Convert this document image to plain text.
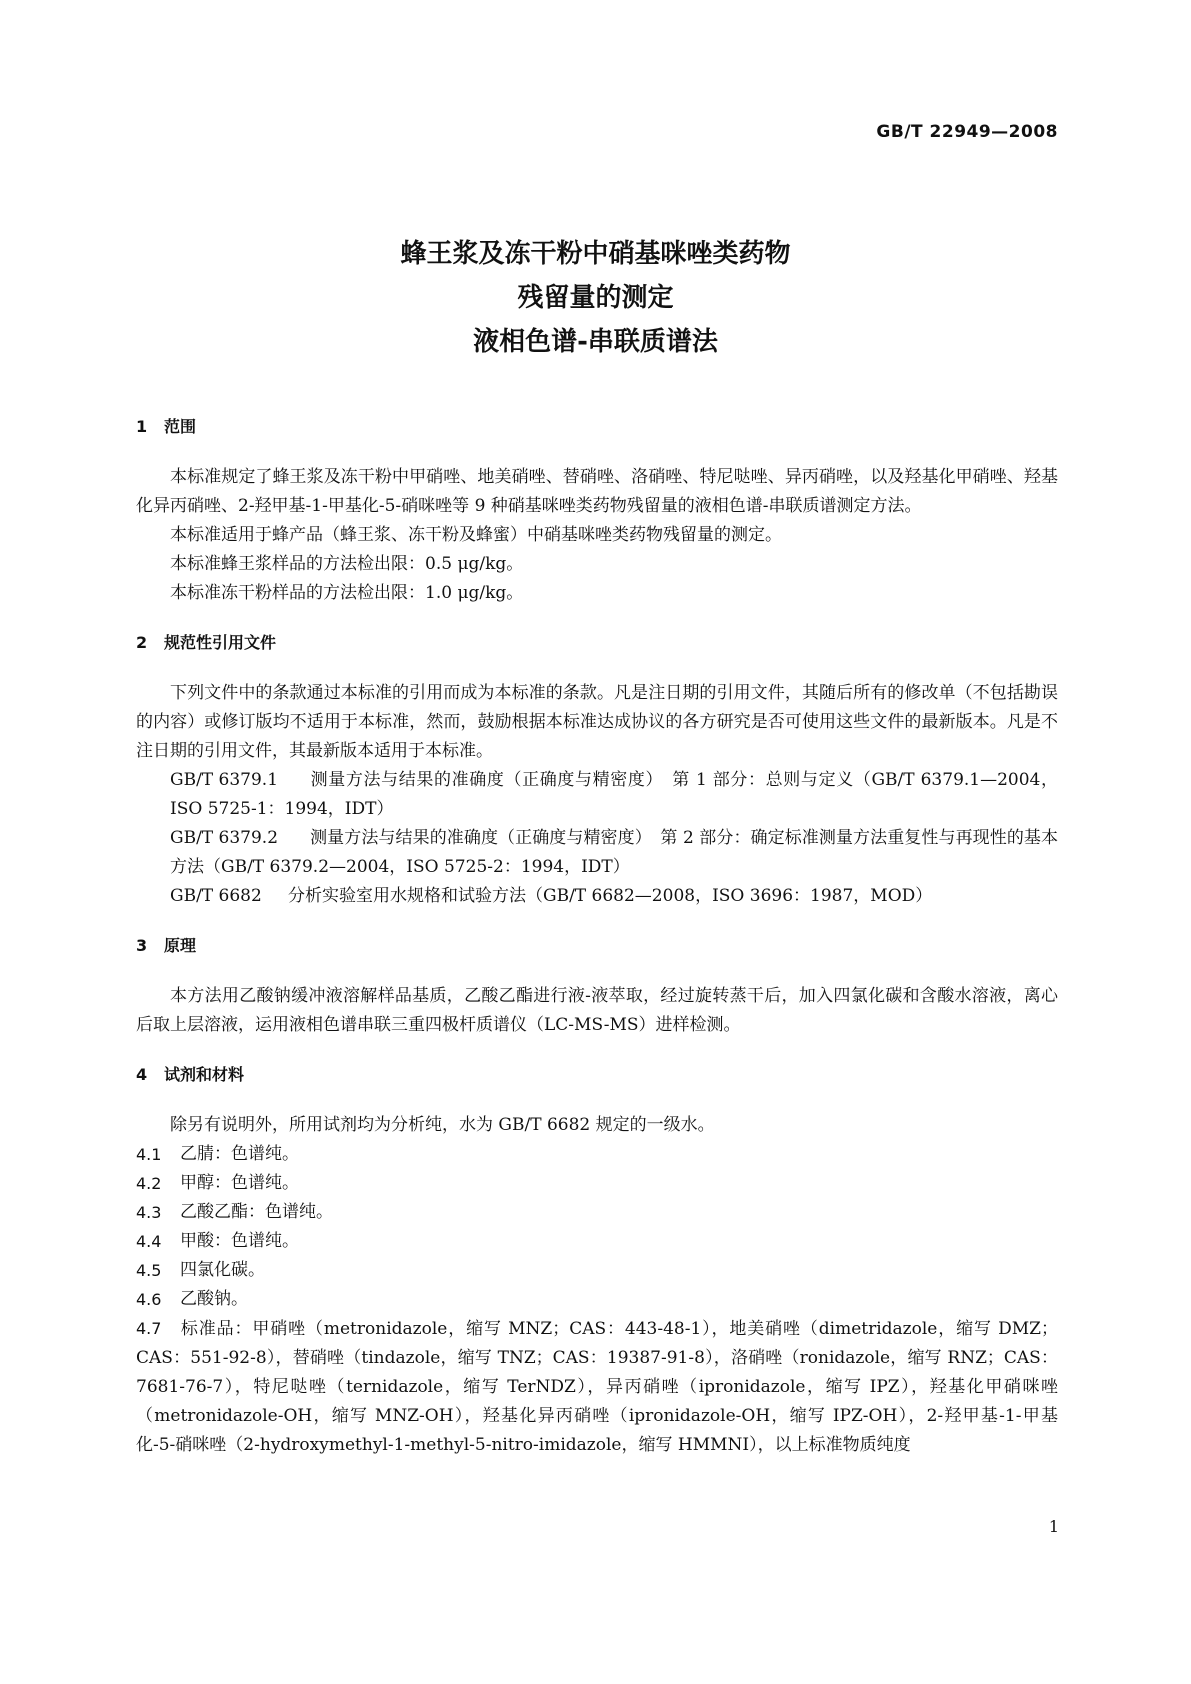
GB/T 22949—2008
蜂王浆及冻干粉中硝基咪唑类药物
残留量的测定
液相色谱-串联质谱法
1 范围

本标准规定了蜂王浆及冻干粉中甲硝唑、地美硝唑、替硝唑、洛硝唑、特尼哒唑、异丙硝唑，以及羟基化甲硝唑、羟基化异丙硝唑、2-羟甲基-1-甲基化-5-硝咪唑等 9 种硝基咪唑类药物残留量的液相色谱-串联质谱测定方法。

本标准适用于蜂产品（蜂王浆、冻干粉及蜂蜜）中硝基咪唑类药物残留量的测定。

本标准蜂王浆样品的方法检出限：0.5 μg/kg。

本标准冻干粉样品的方法检出限：1.0 μg/kg。

2 规范性引用文件

下列文件中的条款通过本标准的引用而成为本标准的条款。凡是注日期的引用文件，其随后所有的修改单（不包括勘误的内容）或修订版均不适用于本标准，然而，鼓励根据本标准达成协议的各方研究是否可使用这些文件的最新版本。凡是不注日期的引用文件，其最新版本适用于本标准。

GB/T 6379.1 测量方法与结果的准确度（正确度与精密度）　第 1 部分：总则与定义（GB/T 6379.1—2004，ISO 5725-1：1994，IDT）

GB/T 6379.2 测量方法与结果的准确度（正确度与精密度）　第 2 部分：确定标准测量方法重复性与再现性的基本方法（GB/T 6379.2—2004，ISO 5725-2：1994，IDT）

GB/T 6682 分析实验室用水规格和试验方法（GB/T 6682—2008，ISO 3696：1987，MOD）

3 原理

本方法用乙酸钠缓冲液溶解样品基质，乙酸乙酯进行液-液萃取，经过旋转蒸干后，加入四氯化碳和含酸水溶液，离心后取上层溶液，运用液相色谱串联三重四极杆质谱仪（LC-MS-MS）进样检测。

4 试剂和材料

除另有说明外，所用试剂均为分析纯，水为 GB/T 6682 规定的一级水。

4.1	乙腈：色谱纯。
4.2	甲醇：色谱纯。
4.3	乙酸乙酯：色谱纯。
4.4	甲酸：色谱纯。
4.5	四氯化碳。
4.6	乙酸钠。
4.7 标准品：甲硝唑（metronidazole，缩写 MNZ；CAS：443-48-1），地美硝唑（dimetridazole，缩写 DMZ；CAS：551-92-8），替硝唑（tindazole，缩写 TNZ；CAS：19387-91-8），洛硝唑（ronidazole，缩写 RNZ；CAS：7681-76-7），特尼哒唑（ternidazole，缩写 TerNDZ），异丙硝唑（ipronidazole，缩写 IPZ），羟基化甲硝咪唑（metronidazole-OH，缩写 MNZ-OH），羟基化异丙硝唑（ipronidazole-OH，缩写 IPZ-OH），2-羟甲基-1-甲基化-5-硝咪唑（2-hydroxymethyl-1-methyl-5-nitro-imidazole，缩写 HMMNI），以上标准物质纯度
1
